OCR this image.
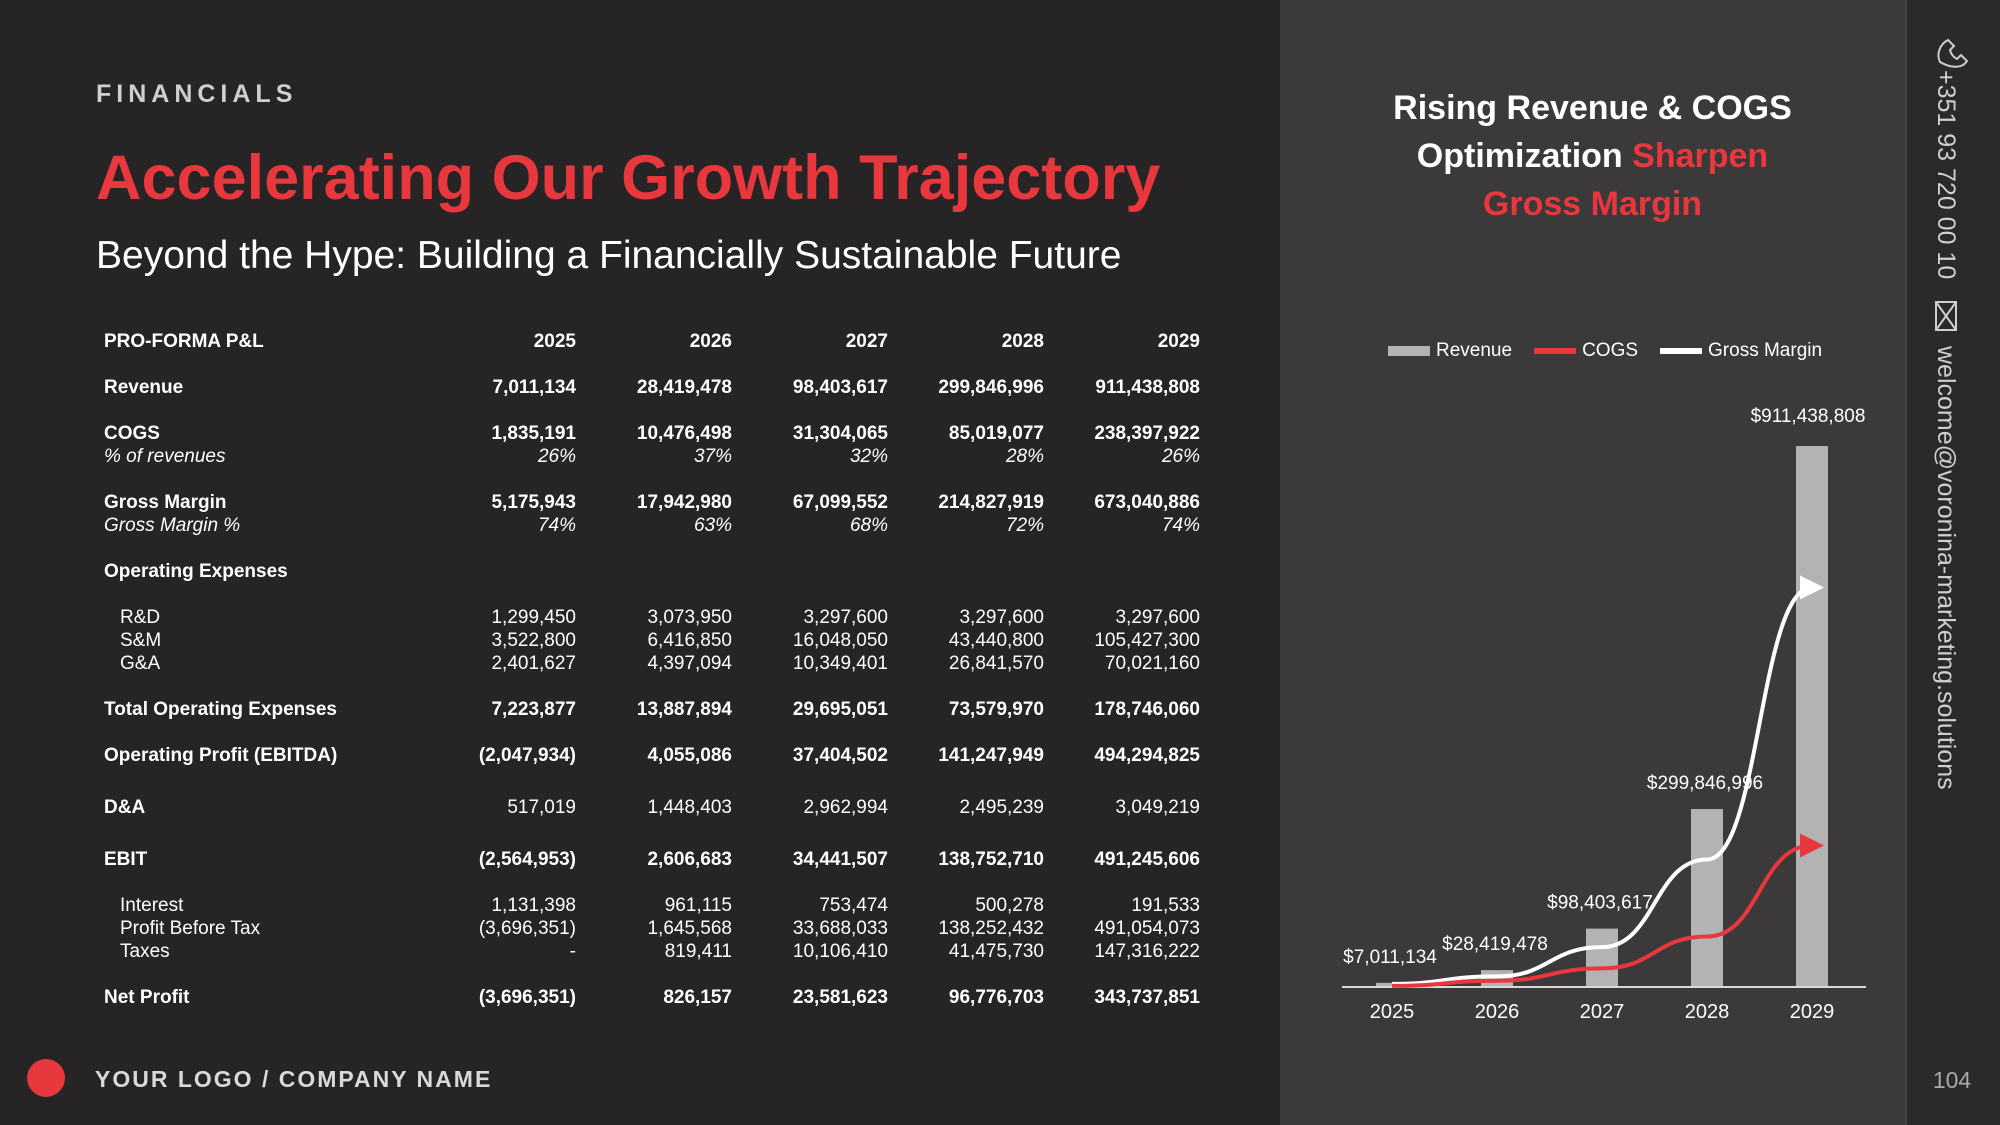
FINANCIALS
Accelerating Our Growth Trajectory
Beyond the Hype: Building a Financially Sustainable Future
PRO-FORMA P&L	2025	2026	2027	2028	2029

Revenue	7,011,134	28,419,478	98,403,617	299,846,996	911,438,808

COGS	1,835,191	10,476,498	31,304,065	85,019,077	238,397,922
% of revenues	26%	37%	32%	28%	26%

Gross Margin	5,175,943	17,942,980	67,099,552	214,827,919	673,040,886
Gross Margin %	74%	63%	68%	72%	74%

Operating Expenses					

R&D	1,299,450	3,073,950	3,297,600	3,297,600	3,297,600
S&M	3,522,800	6,416,850	16,048,050	43,440,800	105,427,300
G&A	2,401,627	4,397,094	10,349,401	26,841,570	70,021,160

Total Operating Expenses	7,223,877	13,887,894	29,695,051	73,579,970	178,746,060

Operating Profit (EBITDA)	(2,047,934)	4,055,086	37,404,502	141,247,949	494,294,825

D&A	517,019	1,448,403	2,962,994	2,495,239	3,049,219

EBIT	(2,564,953)	2,606,683	34,441,507	138,752,710	491,245,606

Interest	1,131,398	961,115	753,474	500,278	191,533
Profit Before Tax	(3,696,351)	1,645,568	33,688,033	138,252,432	491,054,073
Taxes	-	819,411	10,106,410	41,475,730	147,316,222

Net Profit	(3,696,351)	826,157	23,581,623	96,776,703	343,737,851
YOUR LOGO / COMPANY NAME
Rising Revenue & COGS
Optimization Sharpen
Gross Margin
Revenue	COGS	Gross Margin
$7,011,134
$28,419,478
$98,403,617
$299,846,996
$911,438,808
2025	2026	2027	2028	2029
+351 93 720 00 10
welcome@voronina-marketing.solutions
104
